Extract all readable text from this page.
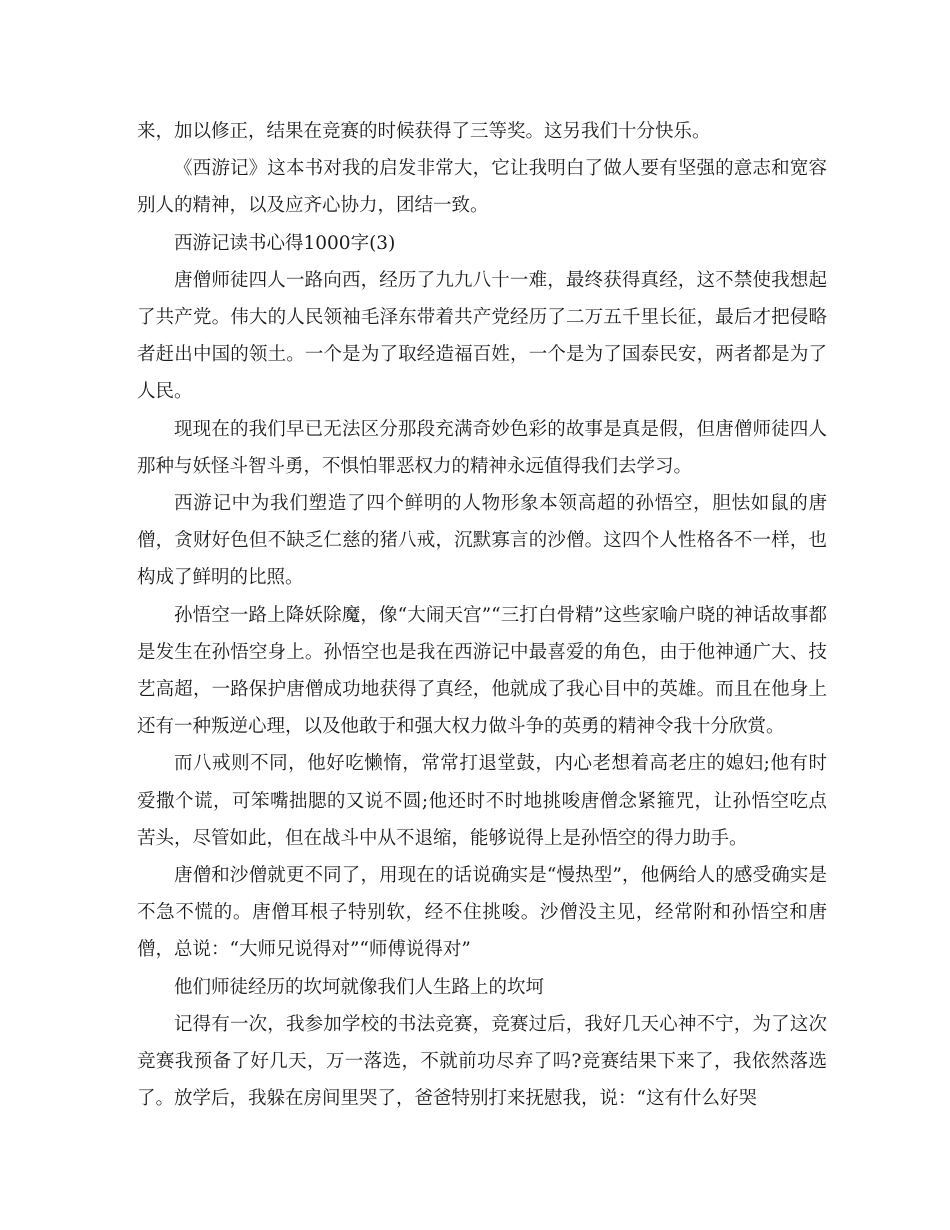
来，加以修正，结果在竞赛的时候获得了三等奖。这另我们十分快乐。

《西游记》这本书对我的启发非常大，它让我明白了做人要有坚强的意志和宽容别人的精神，以及应齐心协力，团结一致。

西游记读书心得1000字(3)

唐僧师徒四人一路向西，经历了九九八十一难，最终获得真经，这不禁使我想起了共产党。伟大的人民领袖毛泽东带着共产党经历了二万五千里长征，最后才把侵略者赶出中国的领土。一个是为了取经造福百姓，一个是为了国泰民安，两者都是为了人民。

现现在的我们早已无法区分那段充满奇妙色彩的故事是真是假，但唐僧师徒四人那种与妖怪斗智斗勇，不惧怕罪恶权力的精神永远值得我们去学习。

西游记中为我们塑造了四个鲜明的人物形象本领高超的孙悟空，胆怯如鼠的唐僧，贪财好色但不缺乏仁慈的猪八戒，沉默寡言的沙僧。这四个人性格各不一样，也构成了鲜明的比照。

孙悟空一路上降妖除魔，像“大闹天宫”“三打白骨精”这些家喻户晓的神话故事都是发生在孙悟空身上。孙悟空也是我在西游记中最喜爱的角色，由于他神通广大、技艺高超，一路保护唐僧成功地获得了真经，他就成了我心目中的英雄。而且在他身上还有一种叛逆心理，以及他敢于和强大权力做斗争的英勇的精神令我十分欣赏。

而八戒则不同，他好吃懒惰，常常打退堂鼓，内心老想着高老庄的媳妇;他有时爱撒个谎，可笨嘴拙腮的又说不圆;他还时不时地挑唆唐僧念紧箍咒，让孙悟空吃点苦头，尽管如此，但在战斗中从不退缩，能够说得上是孙悟空的得力助手。

唐僧和沙僧就更不同了，用现在的话说确实是“慢热型”，他俩给人的感受确实是不急不慌的。唐僧耳根子特别软，经不住挑唆。沙僧没主见，经常附和孙悟空和唐僧，总说：“大师兄说得对”“师傅说得对”

他们师徒经历的坎坷就像我们人生路上的坎坷

记得有一次，我参加学校的书法竞赛，竞赛过后，我好几天心神不宁，为了这次竞赛我预备了好几天，万一落选，不就前功尽弃了吗?竞赛结果下来了，我依然落选了。放学后，我躲在房间里哭了，爸爸特别打来抚慰我，说：“这有什么好哭
